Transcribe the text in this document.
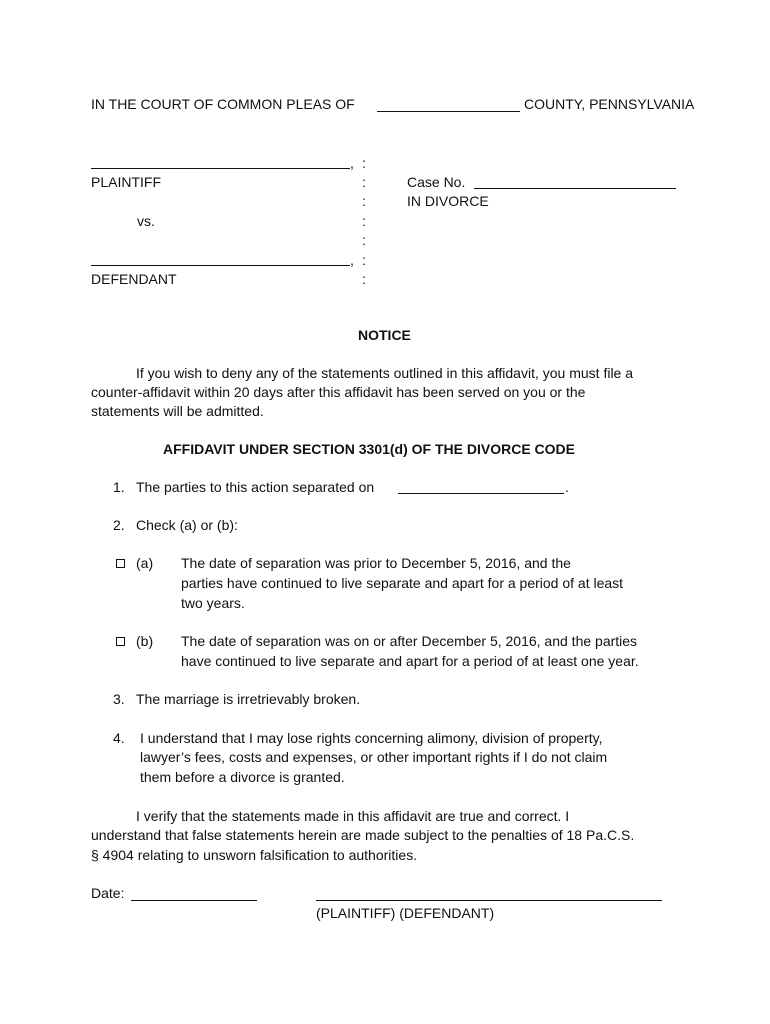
IN THE COURT OF COMMON PLEAS OF	COUNTY, PENNSYLVANIA
,
PLAINTIFF
vs.
,
DEFENDANT
:
:
:
:
:
:
:
Case No.
IN DIVORCE
NOTICE
If you wish to deny any of the statements outlined in this affidavit, you must file a
counter-affidavit within 20 days after this affidavit has been served on you or the
statements will be admitted.
AFFIDAVIT UNDER SECTION 3301(d) OF THE DIVORCE CODE
1. The parties to this action separated on	.
2. Check (a) or (b):
(a) The date of separation was prior to December 5, 2016, and the
parties have continued to live separate and apart for a period of at least
two years.
(b) The date of separation was on or after December 5, 2016, and the parties
have continued to live separate and apart for a period of at least one year.
3. The marriage is irretrievably broken.
4. I understand that I may lose rights concerning alimony, division of property,
lawyer’s fees, costs and expenses, or other important rights if I do not claim
them before a divorce is granted.
I verify that the statements made in this affidavit are true and correct. I
understand that false statements herein are made subject to the penalties of 18 Pa.C.S.
§ 4904 relating to unsworn falsification to authorities.
Date:
(PLAINTIFF) (DEFENDANT)
